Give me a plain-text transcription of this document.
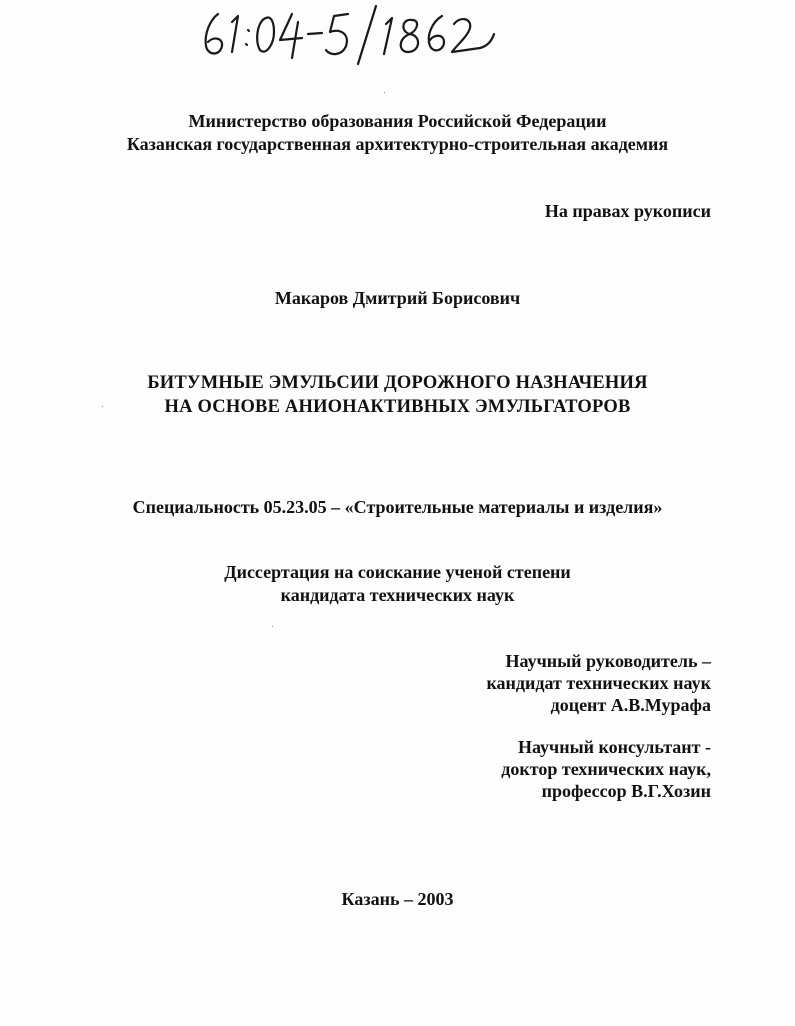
61:04-5/1862
Министерство образования Российской Федерации
Казанская государственная архитектурно-строительная академия
На правах рукописи
Макаров Дмитрий Борисович
БИТУМНЫЕ ЭМУЛЬСИИ ДОРОЖНОГО НАЗНАЧЕНИЯ
НА ОСНОВЕ АНИОНАКТИВНЫХ ЭМУЛЬГАТОРОВ
Специальность 05.23.05 – «Строительные материалы и изделия»
Диссертация на соискание ученой степени
кандидата технических наук
Научный руководитель –
кандидат технических наук
доцент А.В.Мурафа
Научный консультант -
доктор технических наук,
профессор В.Г.Хозин
Казань – 2003
